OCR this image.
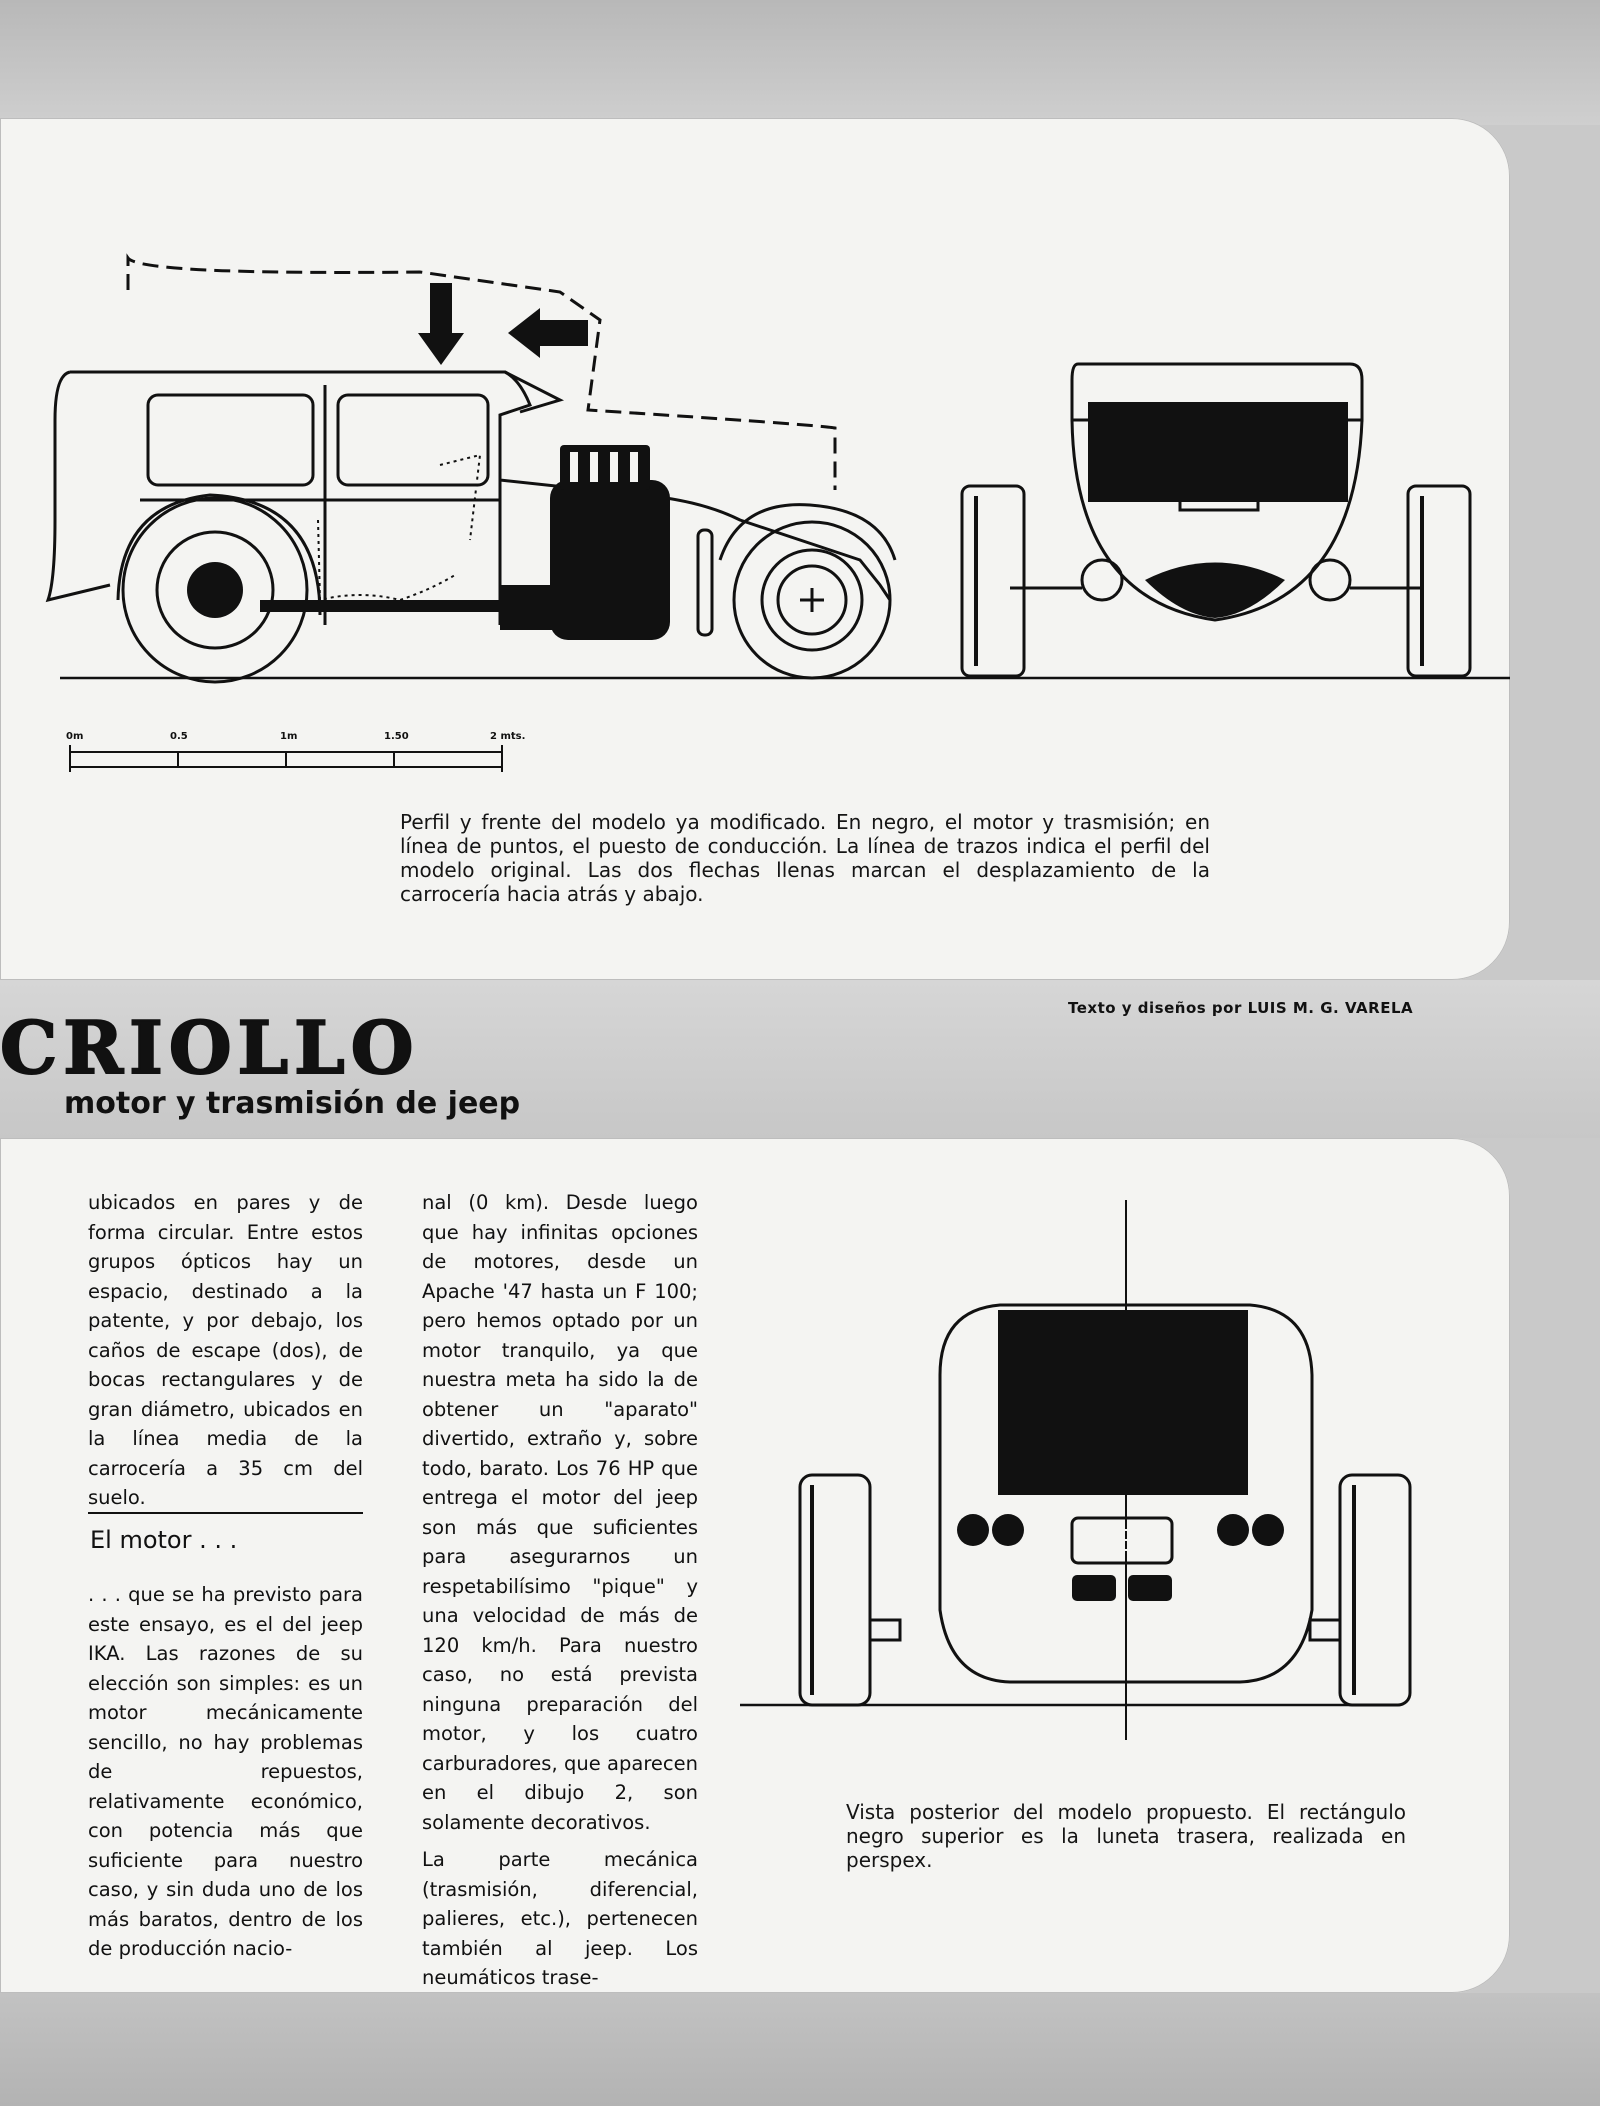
0m	0.5	1m	1.50	2 mts.
Perfil y frente del modelo ya modificado. En negro, el motor y trasmisión; en línea de puntos, el puesto de conducción. La línea de trazos indica el perfil del modelo original. Las dos flechas llenas marcan el desplazamiento de la carrocería hacia atrás y abajo.
Texto y diseños por LUIS M. G. VARELA
CRIOLLO
motor y trasmisión de jeep
ubicados en pares y de forma circular. Entre estos grupos ópticos hay un espacio, destinado a la patente, y por debajo, los caños de escape (dos), de bocas rectangulares y de gran diámetro, ubicados en la línea media de la carrocería a 35 cm del suelo.
El motor . . .
. . . que se ha previsto para este ensayo, es el del jeep IKA. Las razones de su elección son simples: es un motor mecánicamente sencillo, no hay problemas de repuestos, relativamente económico, con potencia más que suficiente para nuestro caso, y sin duda uno de los más baratos, dentro de los de producción nacio-

nal (0 km). Desde luego que hay infinitas opciones de motores, desde un Apache '47 hasta un F 100; pero hemos optado por un motor tranquilo, ya que nuestra meta ha sido la de obtener un "aparato" divertido, extraño y, sobre todo, barato. Los 76 HP que entrega el motor del jeep son más que suficientes para asegurarnos un respetabilísimo "pique" y una velocidad de más de 120 km/h. Para nuestro caso, no está prevista ninguna preparación del motor, y los cuatro carburadores, que aparecen en el dibujo 2, son solamente decorativos.

La parte mecánica (trasmisión, diferencial, palieres, etc.), pertenecen también al jeep. Los neumáticos trase-

Vista posterior del modelo propuesto. El rectángulo negro superior es la luneta trasera, realizada en perspex.
